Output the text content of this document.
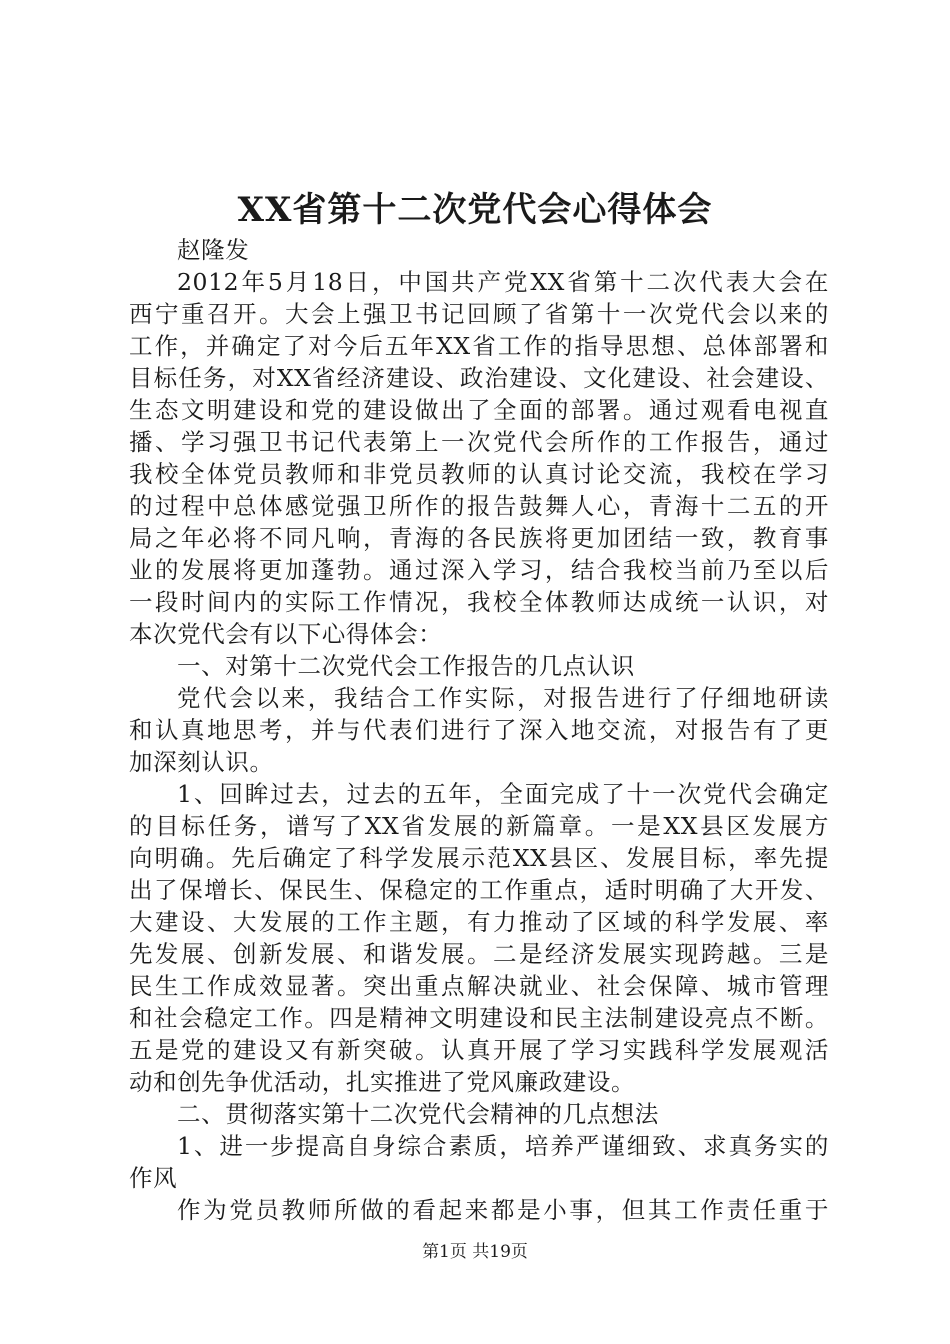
XX省第十二次党代会心得体会
赵隆发
2012年5月18日，中国共产党XX省第十二次代表大会在
西宁重召开。大会上强卫书记回顾了省第十一次党代会以来的
工作，并确定了对今后五年XX省工作的指导思想、总体部署和
目标任务，对XX省经济建设、政治建设、文化建设、社会建设、
生态文明建设和党的建设做出了全面的部署。通过观看电视直
播、学习强卫书记代表第上一次党代会所作的工作报告，通过
我校全体党员教师和非党员教师的认真讨论交流，我校在学习
的过程中总体感觉强卫所作的报告鼓舞人心，青海十二五的开
局之年必将不同凡响，青海的各民族将更加团结一致，教育事
业的发展将更加蓬勃。通过深入学习，结合我校当前乃至以后
一段时间内的实际工作情况，我校全体教师达成统一认识，对
本次党代会有以下心得体会：
一、对第十二次党代会工作报告的几点认识
党代会以来，我结合工作实际，对报告进行了仔细地研读
和认真地思考，并与代表们进行了深入地交流，对报告有了更
加深刻认识。
1、回眸过去，过去的五年，全面完成了十一次党代会确定
的目标任务，谱写了XX省发展的新篇章。一是XX县区发展方
向明确。先后确定了科学发展示范XX县区、发展目标，率先提
出了保增长、保民生、保稳定的工作重点，适时明确了大开发、
大建设、大发展的工作主题，有力推动了区域的科学发展、率
先发展、创新发展、和谐发展。二是经济发展实现跨越。三是
民生工作成效显著。突出重点解决就业、社会保障、城市管理
和社会稳定工作。四是精神文明建设和民主法制建设亮点不断。
五是党的建设又有新突破。认真开展了学习实践科学发展观活
动和创先争优活动，扎实推进了党风廉政建设。
二、贯彻落实第十二次党代会精神的几点想法
1、进一步提高自身综合素质，培养严谨细致、求真务实的
作风
作为党员教师所做的看起来都是小事，但其工作责任重于
第1页 共19页
